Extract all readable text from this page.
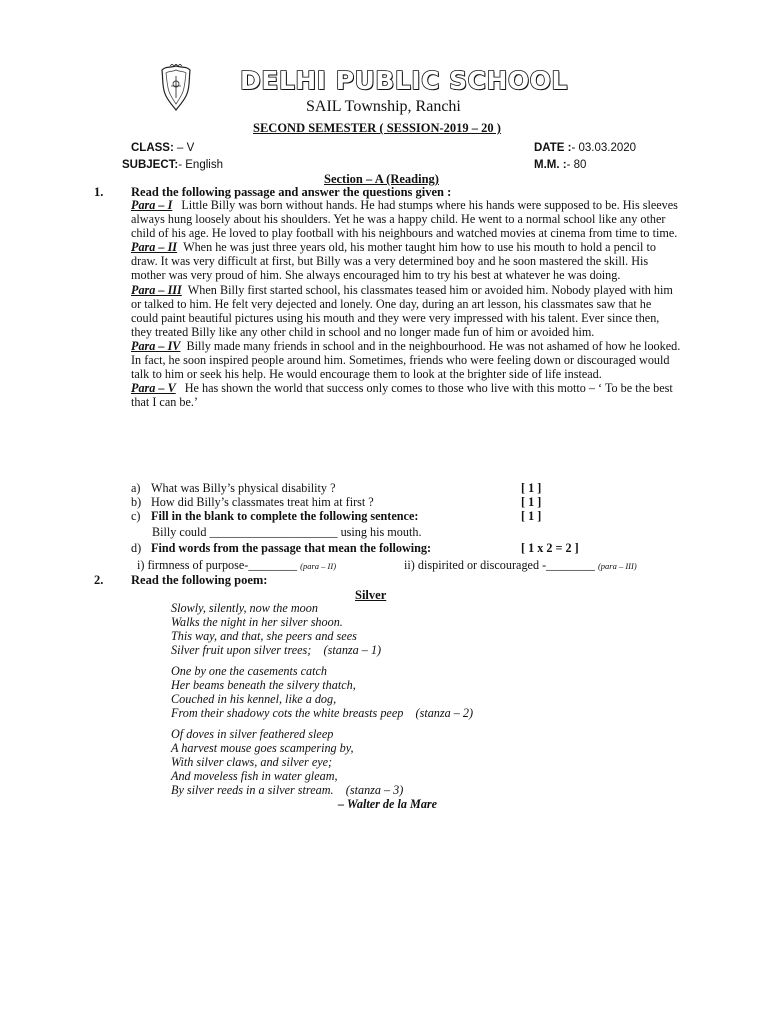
DELHI PUBLIC SCHOOL
SAIL Township, Ranchi
SECOND SEMESTER ( SESSION-2019 – 20 )
CLASS: – V
SUBJECT:- English
DATE :- 03.03.2020
M.M. :- 80
Section – A (Reading)
1. Read the following passage and answer the questions given :

Para – I Little Billy was born without hands. He had stumps where his hands were supposed to be. His sleeves always hung loosely about his shoulders. Yet he was a happy child. He went to a normal school like any other child of his age. He loved to play football with his neighbours and watched movies at cinema from time to time.

Para – II When he was just three years old, his mother taught him how to use his mouth to hold a pencil to draw. It was very difficult at first, but Billy was a very determined boy and he soon mastered the skill. His mother was very proud of him. She always encouraged him to try his best at whatever he was doing.

Para – III When Billy first started school, his classmates teased him or avoided him. Nobody played with him or talked to him. He felt very dejected and lonely. One day, during an art lesson, his classmates saw that he could paint beautiful pictures using his mouth and they were very impressed with his talent. Ever since then, they treated Billy like any other child in school and no longer made fun of him or avoided him.

Para – IV Billy made many friends in school and in the neighbourhood. He was not ashamed of how he looked. In fact, he soon inspired people around him. Sometimes, friends who were feeling down or discouraged would talk to him or seek his help. He would encourage them to look at the brighter side of life instead.

Para – V He has shown the world that success only comes to those who live with this motto – ‘ To be the best that I can be.’

a) What was Billy’s physical disability ?	[ 1 ]
b) How did Billy’s classmates treat him at first ?	[ 1 ]
c) Fill in the blank to complete the following sentence:	[ 1 ]
Billy could _____________________ using his mouth.
d) Find words from the passage that mean the following:	[ 1 x 2 = 2 ]
i) firmness of purpose-________ (para – II)	ii) dispirited or discouraged -________ (para – III)
2. Read the following poem:
Silver
Slowly, silently, now the moon
Walks the night in her silver shoon.
This way, and that, she peers and sees
Silver fruit upon silver trees; (stanza – 1)
One by one the casements catch
Her beams beneath the silvery thatch,
Couched in his kennel, like a dog,
From their shadowy cots the white breasts peep (stanza – 2)
Of doves in silver feathered sleep
A harvest mouse goes scampering by,
With silver claws, and silver eye;
And moveless fish in water gleam,
By silver reeds in a silver stream. (stanza – 3)
– Walter de la Mare
